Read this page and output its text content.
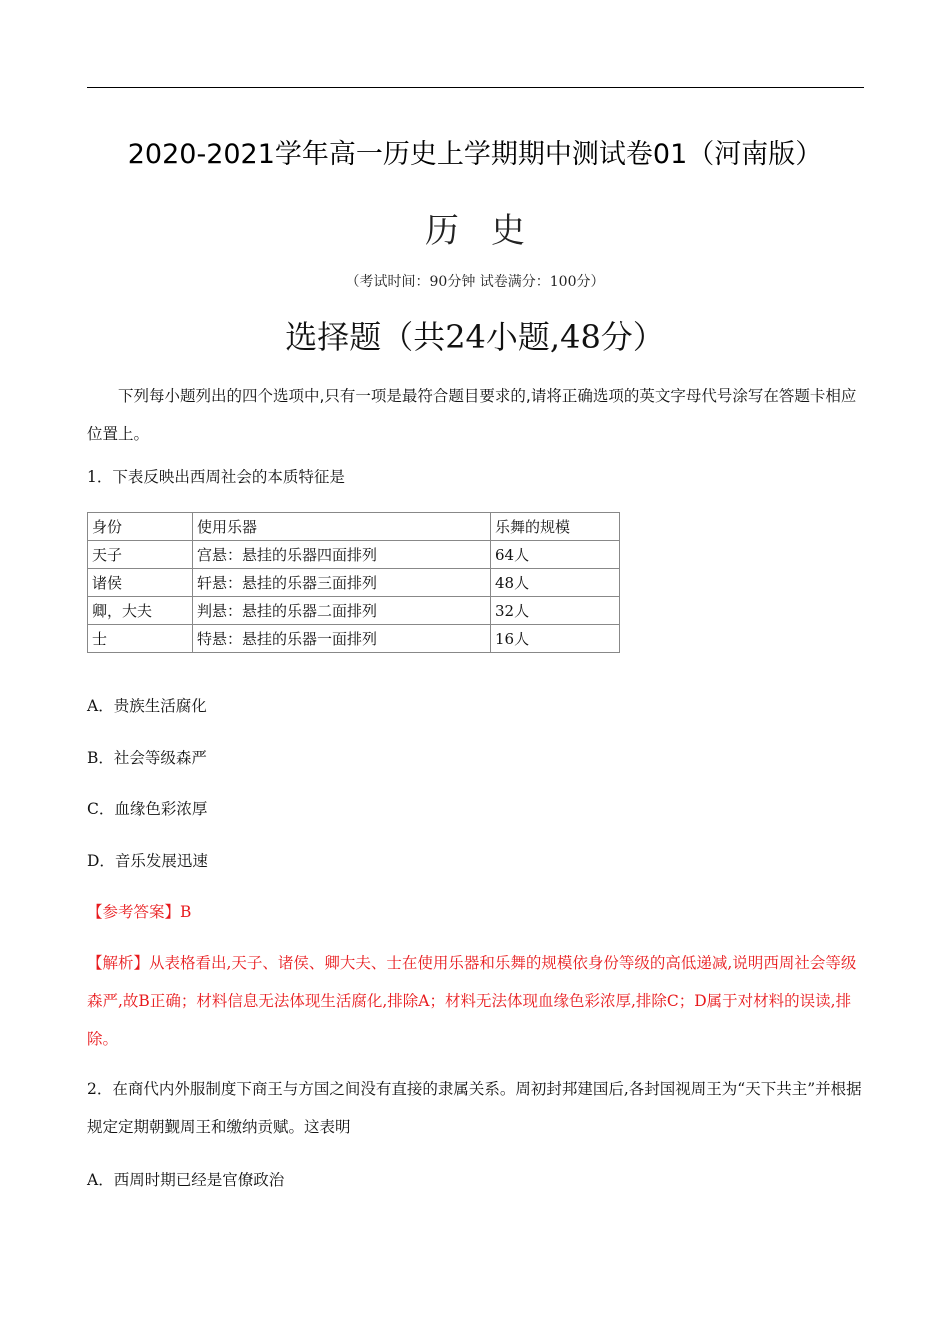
2020-2021学年高一历史上学期期中测试卷01（河南版）
历史
（考试时间：90分钟 试卷满分：100分）
选择题（共24小题,48分）
下列每小题列出的四个选项中,只有一项是最符合题目要求的,请将正确选项的英文字母代号涂写在答题卡相应位置上。
1．下表反映出西周社会的本质特征是
身份	使用乐器	乐舞的规模
天子	宫悬：悬挂的乐器四面排列	64人
诸侯	轩悬：悬挂的乐器三面排列	48人
卿，大夫	判悬：悬挂的乐器二面排列	32人
士	特悬：悬挂的乐器一面排列	16人
A．贵族生活腐化
B．社会等级森严
C．血缘色彩浓厚
D．音乐发展迅速
【参考答案】B
【解析】从表格看出,天子、诸侯、卿大夫、士在使用乐器和乐舞的规模依身份等级的高低递减,说明西周社会等级森严,故B正确；材料信息无法体现生活腐化,排除A；材料无法体现血缘色彩浓厚,排除C；D属于对材料的误读,排除。
2．在商代内外服制度下商王与方国之间没有直接的隶属关系。周初封邦建国后,各封国视周王为“天下共主”并根据规定定期朝觐周王和缴纳贡赋。这表明
A．西周时期已经是官僚政治
